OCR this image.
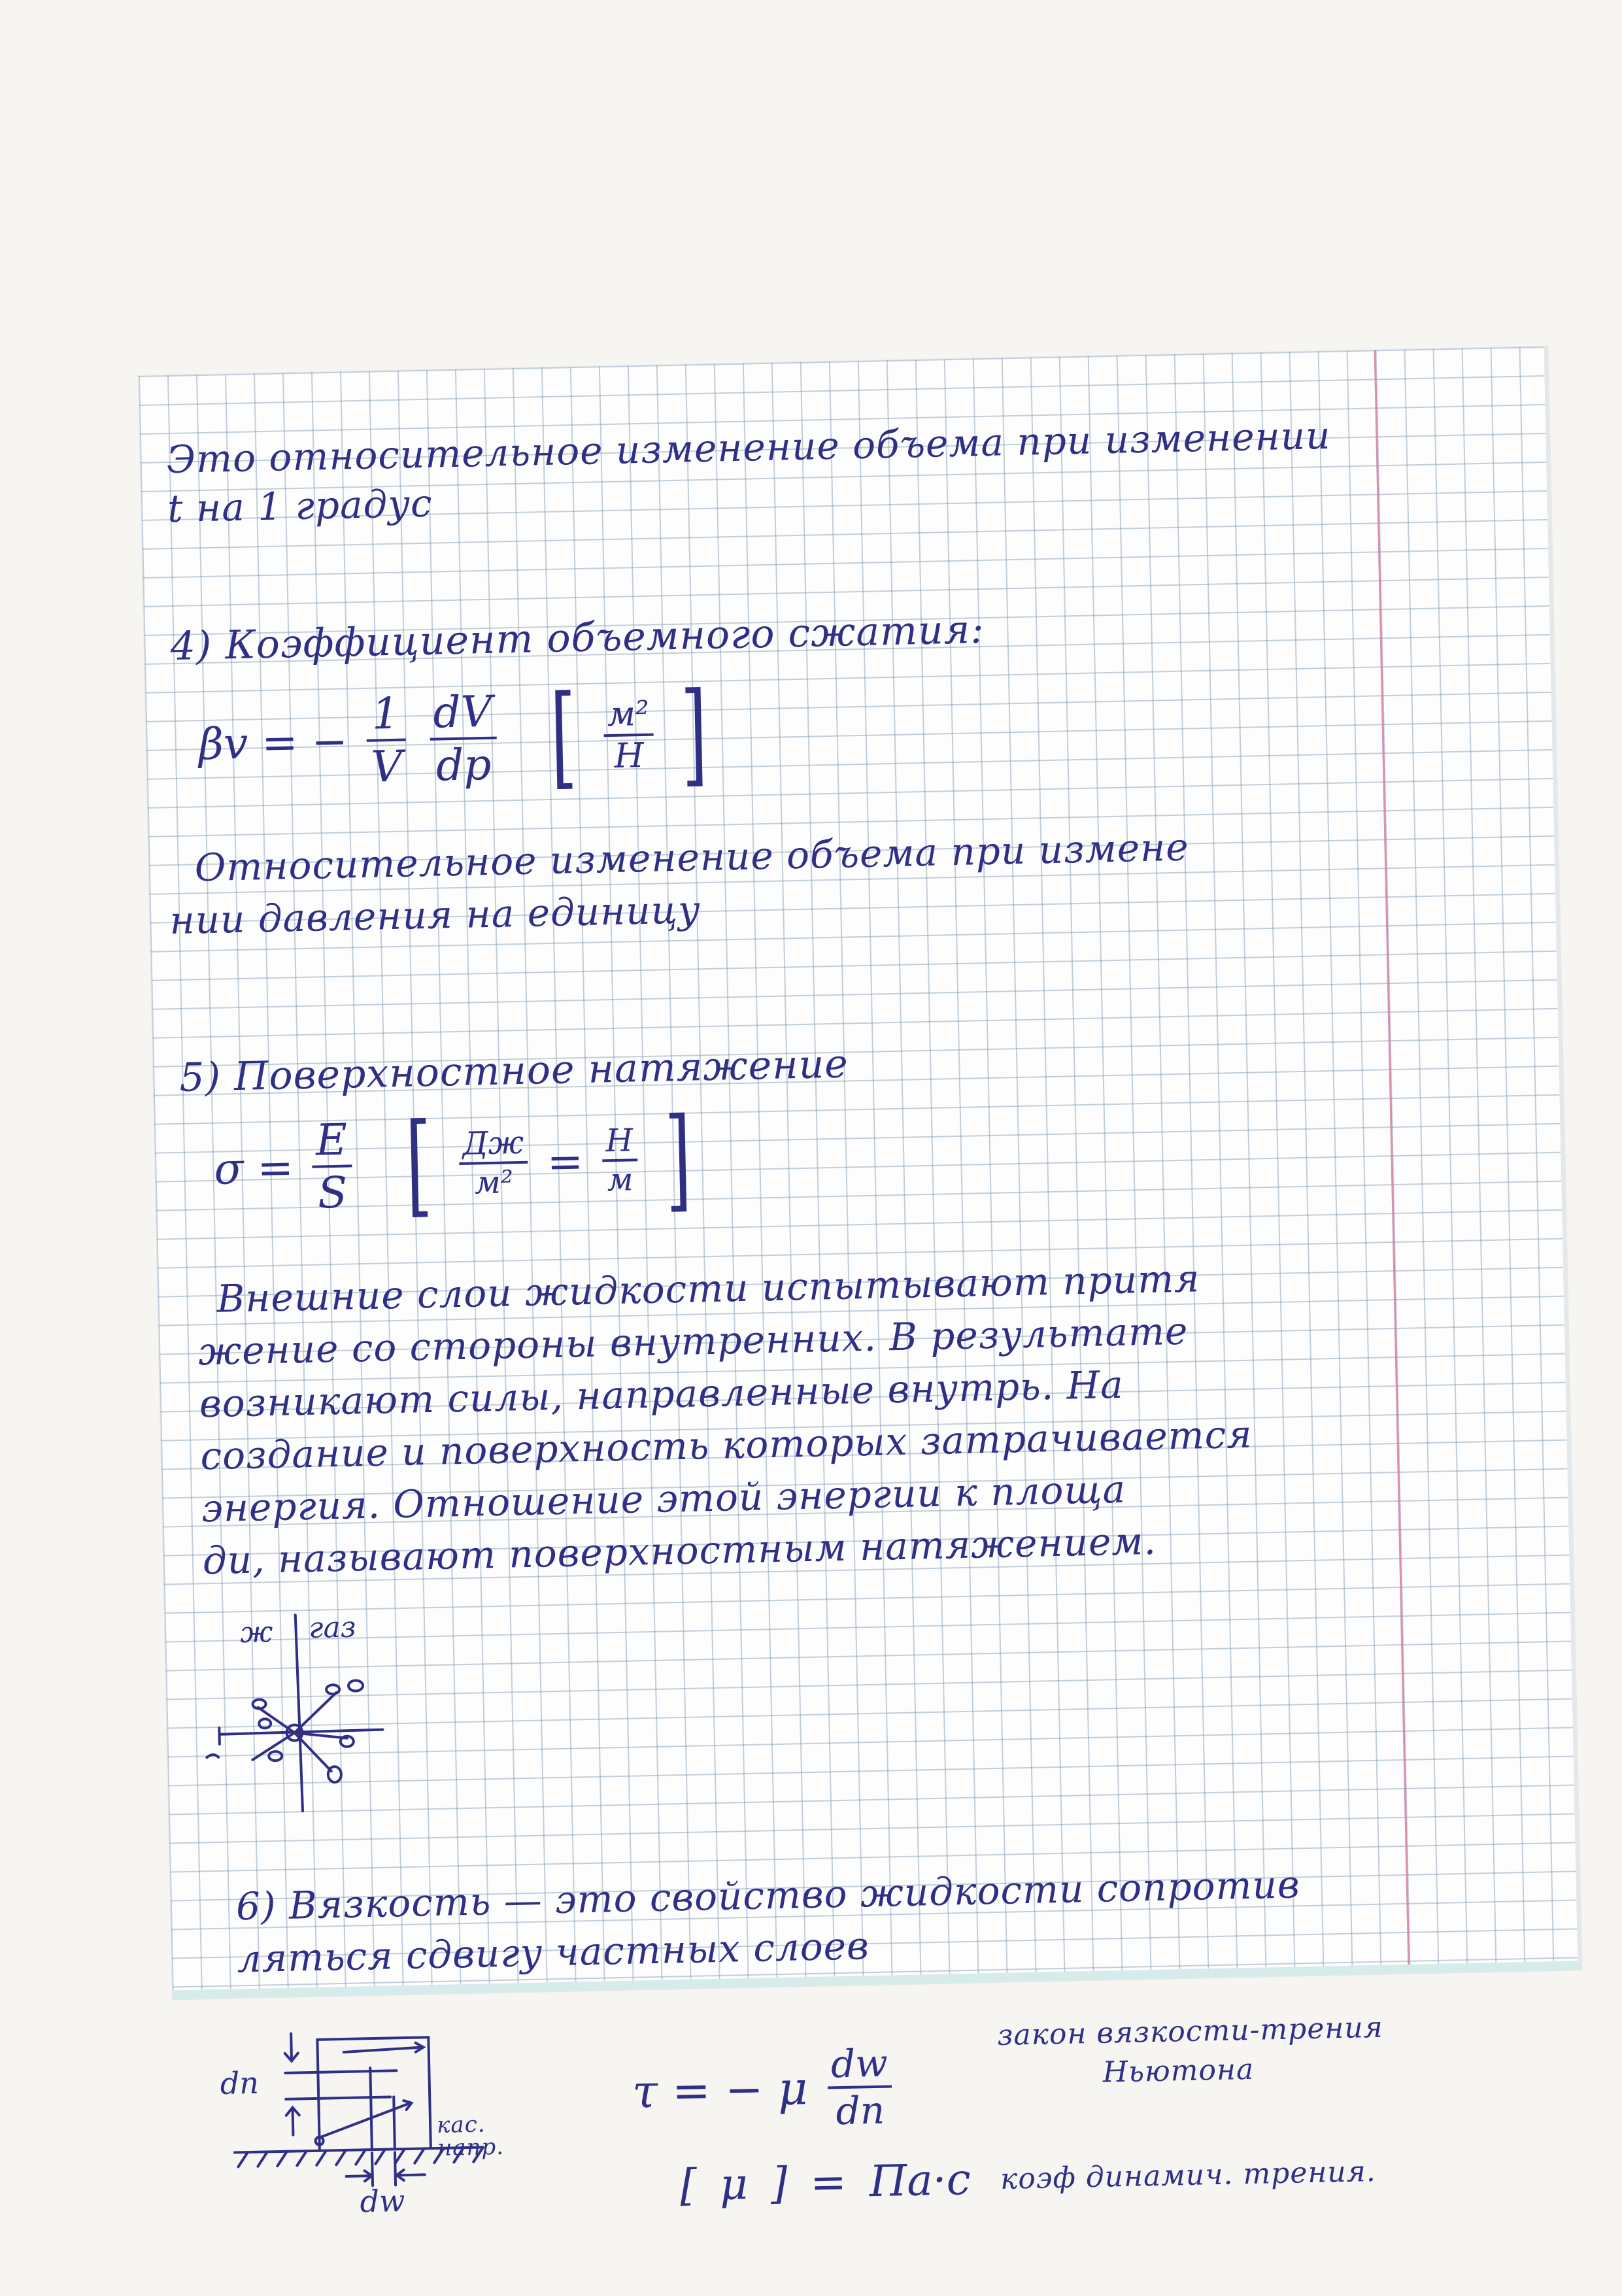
Это относительное изменение объема при изменении
t на 1 градус
4) Коэффициент объемного сжатия:
βv = − $\frac{1}{V}$
$\frac{dV}{dp}$ [ $\frac{\text{м²}}{Н}$ ]
Относительное изменение объема при измене
нии давления на единицу
5) Поверхностное натяжение
$\sigma = \frac{E}{S}$ [ $\frac{Дж}{\text{м²}} = \frac{Н}{м}$ ]
Внешние слои жидкости испытывают притя
жение со стороны внутренних. В результате
возникают силы, направленные внутрь. На
создание и поверхность которых затрачивается
энергия. Отношение этой энергии к площа
ди, называют поверхностным натяжением.
ж газ
6) Вязкость — это свойство жидкости сопротив
ляться сдвигу частных слоев
dn
dw
кас.
напр.
τ = − μ $\frac{dw}{dn}$
закон вязкости-трения
Ньютона
[ μ ] = Па·с коэф динамич. трения.
